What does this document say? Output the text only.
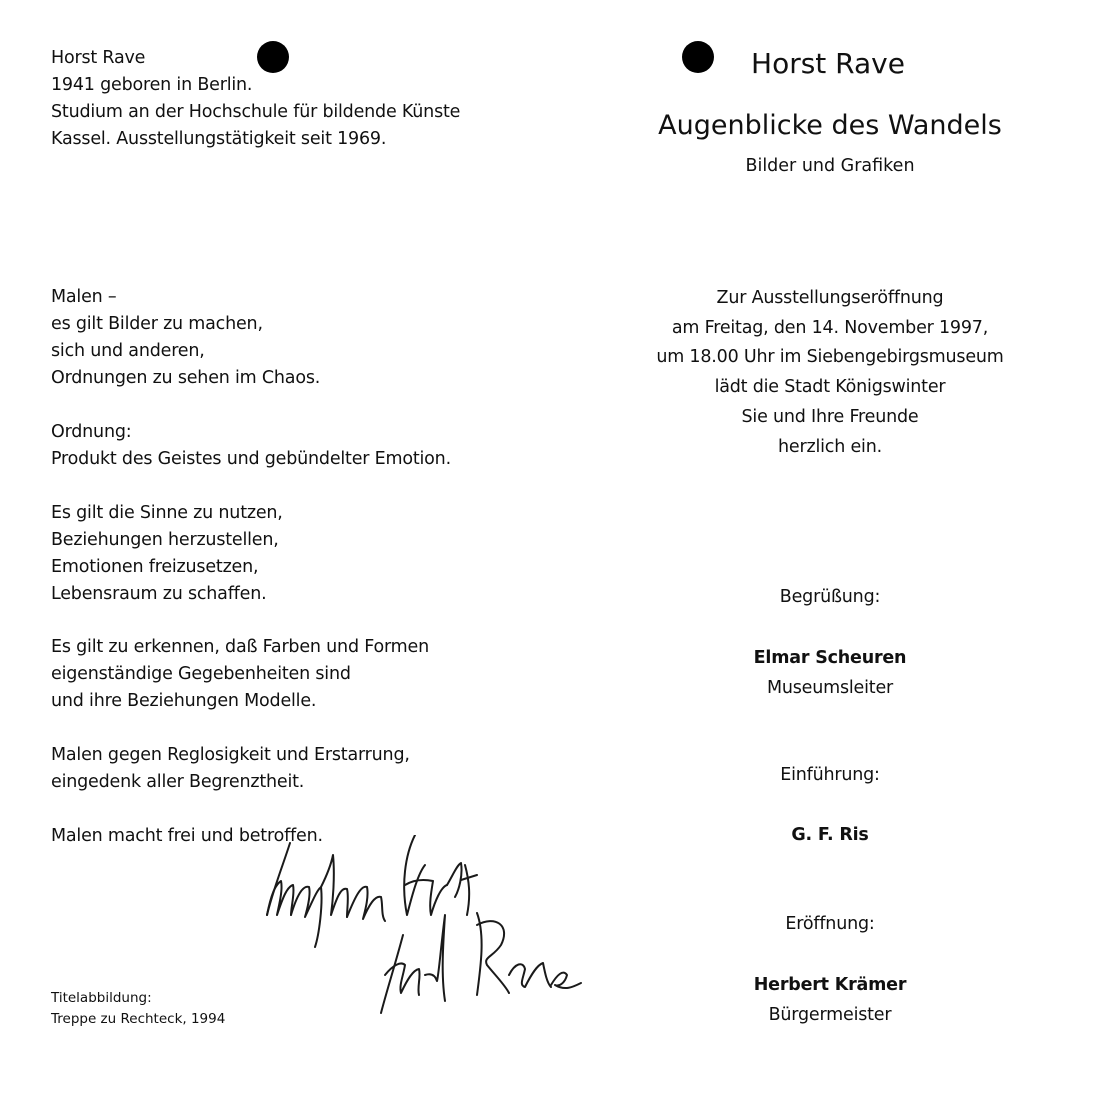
Horst Rave
1941 geboren in Berlin.
Studium an der Hochschule für bildende Künste
Kassel. Ausstellungstätigkeit seit 1969.
Malen –
es gilt Bilder zu machen,
sich und anderen,
Ordnungen zu sehen im Chaos.
Ordnung:
Produkt des Geistes und gebündelter Emotion.
Es gilt die Sinne zu nutzen,
Beziehungen herzustellen,
Emotionen freizusetzen,
Lebensraum zu schaffen.
Es gilt zu erkennen, daß Farben und Formen
eigenständige Gegebenheiten sind
und ihre Beziehungen Modelle.
Malen gegen Reglosigkeit und Erstarrung,
eingedenk aller Begrenztheit.
Malen macht frei und betroffen.
Titelabbildung:
Treppe zu Rechteck, 1994
Horst Rave
Augenblicke des Wandels
Bilder und Grafiken
Zur Ausstellungseröffnung
am Freitag, den 14. November 1997,
um 18.00 Uhr im Siebengebirgsmuseum
lädt die Stadt Königswinter
Sie und Ihre Freunde
herzlich ein.
Begrüßung:
Elmar Scheuren
Museumsleiter
Einführung:
G. F. Ris
Eröffnung:
Herbert Krämer
Bürgermeister
